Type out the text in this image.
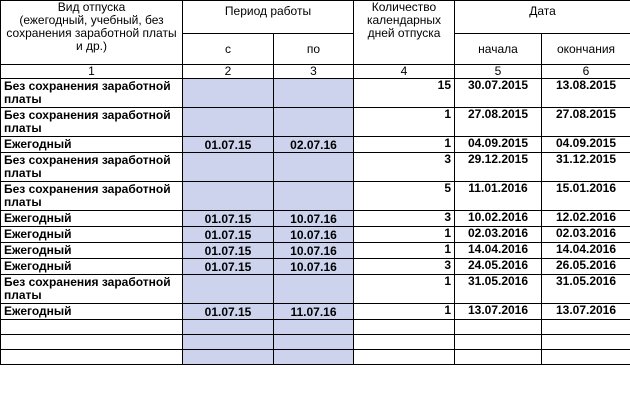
Вид отпуска
(ежегодный, учебный, без сохранения заработной платы и др.)	Период работы		Количество календарных дней отпуска	Дата	
	с	по		начала	окончания
1	2	3	4	5	6
Без сохранения заработной платы			15	30.07.2015	13.08.2015
Без сохранения заработной платы			1	27.08.2015	27.08.2015
Ежегодный	01.07.15	02.07.16	1	04.09.2015	04.09.2015
Без сохранения заработной платы			3	29.12.2015	31.12.2015
Без сохранения заработной платы			5	11.01.2016	15.01.2016
Ежегодный	01.07.15	10.07.16	3	10.02.2016	12.02.2016
Ежегодный	01.07.15	10.07.16	1	02.03.2016	02.03.2016
Ежегодный	01.07.15	10.07.16	1	14.04.2016	14.04.2016
Ежегодный	01.07.15	10.07.16	3	24.05.2016	26.05.2016
Без сохранения заработной платы			1	31.05.2016	31.05.2016
Ежегодный	01.07.15	11.07.16	1	13.07.2016	13.07.2016
